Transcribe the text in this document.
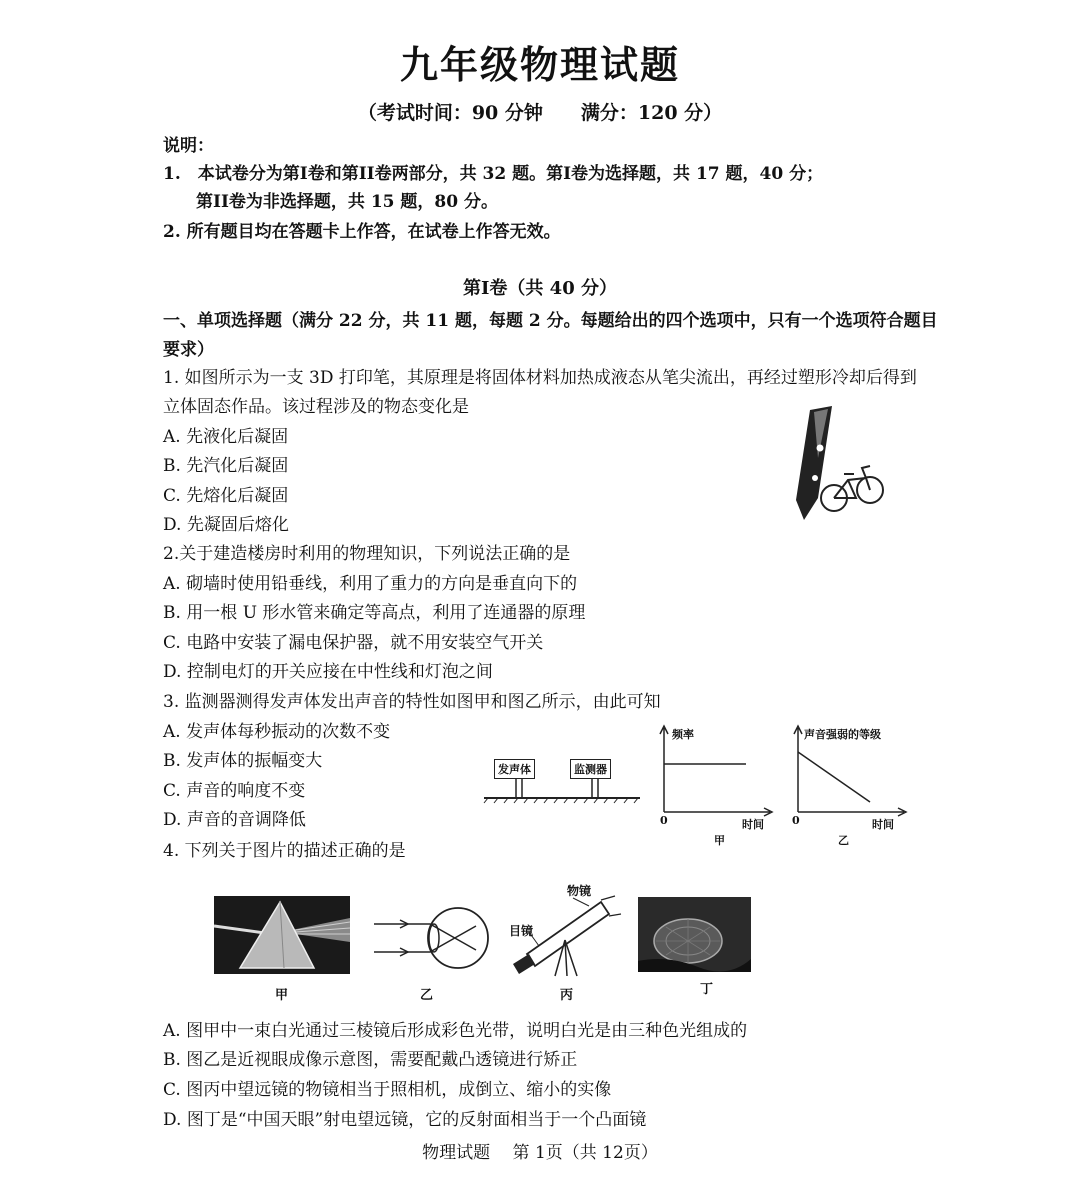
九年级物理试题
（考试时间：90 分钟　　满分：120 分）
说明：
1.　本试卷分为第I卷和第II卷两部分，共 32 题。第I卷为选择题，共 17 题，40 分；
第II卷为非选择题，共 15 题，80 分。
2. 所有题目均在答题卡上作答，在试卷上作答无效。
第I卷（共 40 分）
一、单项选择题（满分 22 分，共 11 题，每题 2 分。每题给出的四个选项中，只有一个选项符合题目
要求）
1. 如图所示为一支 3D 打印笔，其原理是将固体材料加热成液态从笔尖流出，再经过塑形冷却后得到
立体固态作品。该过程涉及的物态变化是
A. 先液化后凝固
B. 先汽化后凝固
C. 先熔化后凝固
D. 先凝固后熔化
2.关于建造楼房时利用的物理知识，下列说法正确的是
A. 砌墙时使用铅垂线，利用了重力的方向是垂直向下的
B. 用一根 U 形水管来确定等高点，利用了连通器的原理
C. 电路中安装了漏电保护器，就不用安装空气开关
D. 控制电灯的开关应接在中性线和灯泡之间
3. 监测器测得发声体发出声音的特性如图甲和图乙所示，由此可知
A. 发声体每秒振动的次数不变
B. 发声体的振幅变大
C. 声音的响度不变
D. 声音的音调降低
发声体	监测器
频率
0	时间
甲
声音强弱的等级
0	时间
乙
4. 下列关于图片的描述正确的是
甲	乙
物镜
目镜
丙	丁
A. 图甲中一束白光通过三棱镜后形成彩色光带，说明白光是由三种色光组成的
B. 图乙是近视眼成像示意图，需要配戴凸透镜进行矫正
C. 图丙中望远镜的物镜相当于照相机，成倒立、缩小的实像
D. 图丁是“中国天眼”射电望远镜，它的反射面相当于一个凸面镜
物理试题　 第 1页（共 12页）
